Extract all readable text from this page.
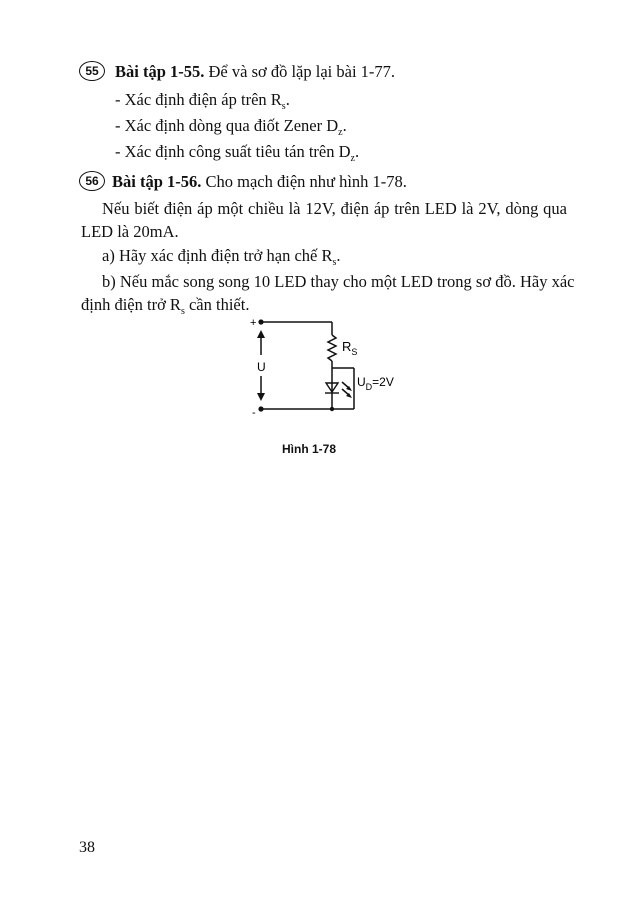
55 Bài tập 1-55. Để và sơ đồ lặp lại bài 1-77.
- Xác định điện áp trên $R_s$.
- Xác định dòng qua điốt Zener $D_z$.
- Xác định công suất tiêu tán trên $D_z$.
56 Bài tập 1-56. Cho mạch điện như hình 1-78.
Nếu biết điện áp một chiều là 12V, điện áp trên LED là 2V, dòng qua
LED là 20mA.
a) Hãy xác định điện trở hạn chế $R_s$.
b) Nếu mắc song song 10 LED thay cho một LED trong sơ đồ. Hãy xác
định điện trở $R_s$ cần thiết.
+
-
U
$R_S$
$U_D=2V$
Hình 1-78
38
